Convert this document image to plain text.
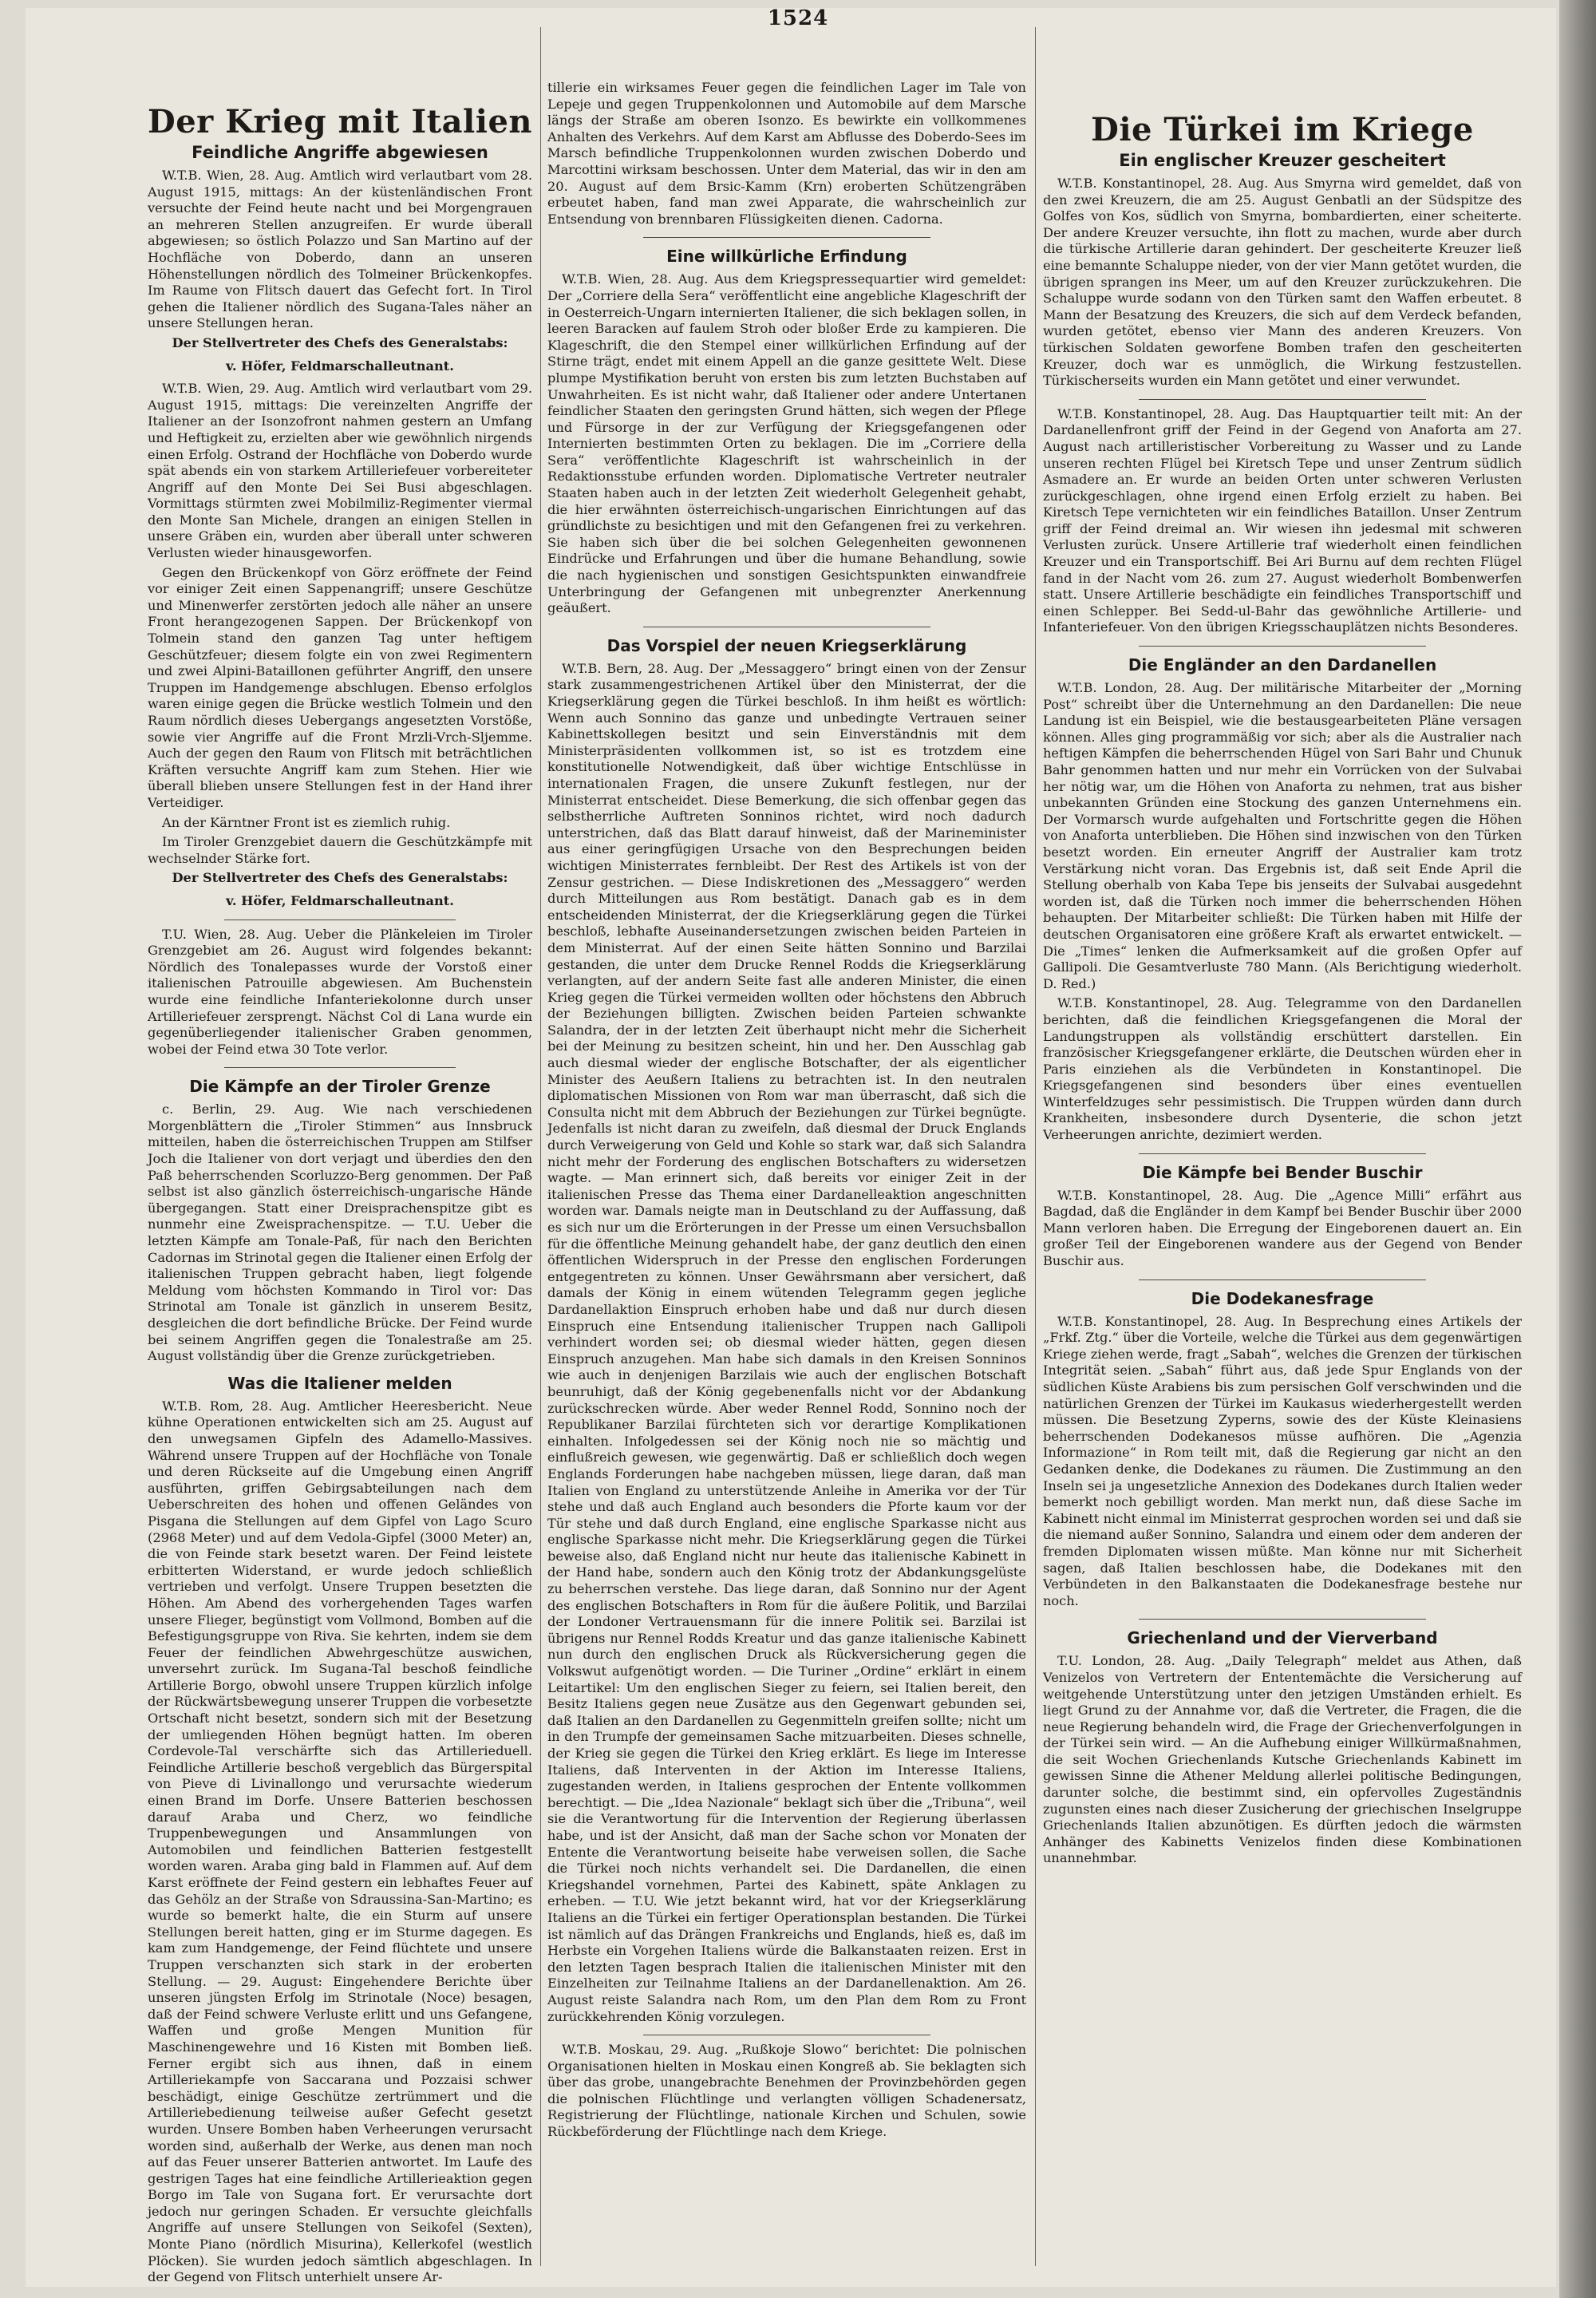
1524
Der Krieg mit Italien
Feindliche Angriffe abgewiesen

W.T.B. Wien, 28. Aug. Amtlich wird verlautbart vom 28. August 1915, mittags: An der küstenländischen Front versuchte der Feind heute nacht und bei Morgengrauen an mehreren Stellen anzugreifen. Er wurde überall abgewiesen; so östlich Polazzo und San Martino auf der Hochfläche von Doberdo, dann an unseren Höhenstellungen nördlich des Tolmeiner Brückenkopfes. Im Raume von Flitsch dauert das Gefecht fort. In Tirol gehen die Italiener nördlich des Sugana-Tales näher an unsere Stellungen heran.

Der Stellvertreter des Chefs des Generalstabs:

v. Höfer, Feldmarschalleutnant.

W.T.B. Wien, 29. Aug. Amtlich wird verlautbart vom 29. August 1915, mittags: Die vereinzelten Angriffe der Italiener an der Isonzofront nahmen gestern an Umfang und Heftigkeit zu, erzielten aber wie gewöhnlich nirgends einen Erfolg. Ostrand der Hochfläche von Doberdo wurde spät abends ein von starkem Artilleriefeuer vorbereiteter Angriff auf den Monte Dei Sei Busi abgeschlagen. Vormittags stürmten zwei Mobilmiliz-Regimenter viermal den Monte San Michele, drangen an einigen Stellen in unsere Gräben ein, wurden aber überall unter schweren Verlusten wieder hinausgeworfen.

Gegen den Brückenkopf von Görz eröffnete der Feind vor einiger Zeit einen Sappenangriff; unsere Geschütze und Minenwerfer zerstörten jedoch alle näher an unsere Front herangezogenen Sappen. Der Brückenkopf von Tolmein stand den ganzen Tag unter heftigem Geschützfeuer; diesem folgte ein von zwei Regimentern und zwei Alpini-Bataillonen geführter Angriff, den unsere Truppen im Handgemenge abschlugen. Ebenso erfolglos waren einige gegen die Brücke westlich Tolmein und den Raum nördlich dieses Uebergangs angesetzten Vorstöße, sowie vier Angriffe auf die Front Mrzli-Vrch-Sljemme. Auch der gegen den Raum von Flitsch mit beträchtlichen Kräften versuchte Angriff kam zum Stehen. Hier wie überall blieben unsere Stellungen fest in der Hand ihrer Verteidiger.

An der Kärntner Front ist es ziemlich ruhig.

Im Tiroler Grenzgebiet dauern die Geschützkämpfe mit wechselnder Stärke fort.

Der Stellvertreter des Chefs des Generalstabs:

v. Höfer, Feldmarschalleutnant.

T.U. Wien, 28. Aug. Ueber die Plänkeleien im Tiroler Grenzgebiet am 26. August wird folgendes bekannt: Nördlich des Tonalepasses wurde der Vorstoß einer italienischen Patrouille abgewiesen. Am Buchenstein wurde eine feindliche Infanteriekolonne durch unser Artilleriefeuer zersprengt. Nächst Col di Lana wurde ein gegenüberliegender italienischer Graben genommen, wobei der Feind etwa 30 Tote verlor.

Die Kämpfe an der Tiroler Grenze

c. Berlin, 29. Aug. Wie nach verschiedenen Morgenblättern die „Tiroler Stimmen“ aus Innsbruck mitteilen, haben die österreichischen Truppen am Stilfser Joch die Italiener von dort verjagt und überdies den den Paß beherrschenden Scorluzzo-Berg genommen. Der Paß selbst ist also gänzlich österreichisch-ungarische Hände übergegangen. Statt einer Dreisprachenspitze gibt es nunmehr eine Zweisprachenspitze. — T.U. Ueber die letzten Kämpfe am Tonale-Paß, für nach den Berichten Cadornas im Strinotal gegen die Italiener einen Erfolg der italienischen Truppen gebracht haben, liegt folgende Meldung vom höchsten Kommando in Tirol vor: Das Strinotal am Tonale ist gänzlich in unserem Besitz, desgleichen die dort befindliche Brücke. Der Feind wurde bei seinem Angriffen gegen die Tonalestraße am 25. August vollständig über die Grenze zurückgetrieben.

Was die Italiener melden

W.T.B. Rom, 28. Aug. Amtlicher Heeresbericht. Neue kühne Operationen entwickelten sich am 25. August auf den unwegsamen Gipfeln des Adamello-Massives. Während unsere Truppen auf der Hochfläche von Tonale und deren Rückseite auf die Umgebung einen Angriff ausführten, griffen Gebirgsabteilungen nach dem Ueberschreiten des hohen und offenen Geländes von Pisgana die Stellungen auf dem Gipfel von Lago Scuro (2968 Meter) und auf dem Vedola-Gipfel (3000 Meter) an, die von Feinde stark besetzt waren. Der Feind leistete erbitterten Widerstand, er wurde jedoch schließlich vertrieben und verfolgt. Unsere Truppen besetzten die Höhen. Am Abend des vorhergehenden Tages warfen unsere Flieger, begünstigt vom Vollmond, Bomben auf die Befestigungsgruppe von Riva. Sie kehrten, indem sie dem Feuer der feindlichen Abwehrgeschütze auswichen, unversehrt zurück. Im Sugana-Tal beschoß feindliche Artillerie Borgo, obwohl unsere Truppen kürzlich infolge der Rückwärtsbewegung unserer Truppen die vorbesetzte Ortschaft nicht besetzt, sondern sich mit der Besetzung der umliegenden Höhen begnügt hatten. Im oberen Cordevole-Tal verschärfte sich das Artillerieduell. Feindliche Artillerie beschoß vergeblich das Bürgerspital von Pieve di Livinallongo und verursachte wiederum einen Brand im Dorfe. Unsere Batterien beschossen darauf Araba und Cherz, wo feindliche Truppenbewegungen und Ansammlungen von Automobilen und feindlichen Batterien festgestellt worden waren. Araba ging bald in Flammen auf. Auf dem Karst eröffnete der Feind gestern ein lebhaftes Feuer auf das Gehölz an der Straße von Sdraussina-San-Martino; es wurde so bemerkt halte, die ein Sturm auf unsere Stellungen bereit hatten, ging er im Sturme dagegen. Es kam zum Handgemenge, der Feind flüchtete und unsere Truppen verschanzten sich stark in der eroberten Stellung. — 29. August: Eingehendere Berichte über unseren jüngsten Erfolg im Strinotale (Noce) besagen, daß der Feind schwere Verluste erlitt und uns Gefangene, Waffen und große Mengen Munition für Maschinengewehre und 16 Kisten mit Bomben ließ. Ferner ergibt sich aus ihnen, daß in einem Artilleriekampfe von Saccarana und Pozzaisi schwer beschädigt, einige Geschütze zertrümmert und die Artilleriebedienung teilweise außer Gefecht gesetzt wurden. Unsere Bomben haben Verheerungen verursacht worden sind, außerhalb der Werke, aus denen man noch auf das Feuer unserer Batterien antwortet. Im Laufe des gestrigen Tages hat eine feindliche Artillerieaktion gegen Borgo im Tale von Sugana fort. Er verursachte dort jedoch nur geringen Schaden. Er versuchte gleichfalls Angriffe auf unsere Stellungen von Seikofel (Sexten), Monte Piano (nördlich Misurina), Kellerkofel (westlich Plöcken). Sie wurden jedoch sämtlich abgeschlagen. In der Gegend von Flitsch unterhielt unsere Ar-

tillerie ein wirksames Feuer gegen die feindlichen Lager im Tale von Lepeje und gegen Truppenkolonnen und Automobile auf dem Marsche längs der Straße am oberen Isonzo. Es bewirkte ein vollkommenes Anhalten des Verkehrs. Auf dem Karst am Abflusse des Doberdo-Sees im Marsch befindliche Truppenkolonnen wurden zwischen Doberdo und Marcottini wirksam beschossen. Unter dem Material, das wir in den am 20. August auf dem Brsic-Kamm (Krn) eroberten Schützengräben erbeutet haben, fand man zwei Apparate, die wahrscheinlich zur Entsendung von brennbaren Flüssigkeiten dienen. Cadorna.

Eine willkürliche Erfindung

W.T.B. Wien, 28. Aug. Aus dem Kriegspressequartier wird gemeldet: Der „Corriere della Sera“ veröffentlicht eine angebliche Klageschrift der in Oesterreich-Ungarn internierten Italiener, die sich beklagen sollen, in leeren Baracken auf faulem Stroh oder bloßer Erde zu kampieren. Die Klageschrift, die den Stempel einer willkürlichen Erfindung auf der Stirne trägt, endet mit einem Appell an die ganze gesittete Welt. Diese plumpe Mystifikation beruht von ersten bis zum letzten Buchstaben auf Unwahrheiten. Es ist nicht wahr, daß Italiener oder andere Untertanen feindlicher Staaten den geringsten Grund hätten, sich wegen der Pflege und Fürsorge in der zur Verfügung der Kriegsgefangenen oder Internierten bestimmten Orten zu beklagen. Die im „Corriere della Sera“ veröffentlichte Klageschrift ist wahrscheinlich in der Redaktionsstube erfunden worden. Diplomatische Vertreter neutraler Staaten haben auch in der letzten Zeit wiederholt Gelegenheit gehabt, die hier erwähnten österreichisch-ungarischen Einrichtungen auf das gründlichste zu besichtigen und mit den Gefangenen frei zu verkehren. Sie haben sich über die bei solchen Gelegenheiten gewonnenen Eindrücke und Erfahrungen und über die humane Behandlung, sowie die nach hygienischen und sonstigen Gesichtspunkten einwandfreie Unterbringung der Gefangenen mit unbegrenzter Anerkennung geäußert.

Das Vorspiel der neuen Kriegserklärung

W.T.B. Bern, 28. Aug. Der „Messaggero“ bringt einen von der Zensur stark zusammengestrichenen Artikel über den Ministerrat, der die Kriegserklärung gegen die Türkei beschloß. In ihm heißt es wörtlich: Wenn auch Sonnino das ganze und unbedingte Vertrauen seiner Kabinettskollegen besitzt und sein Einverständnis mit dem Ministerpräsidenten vollkommen ist, so ist es trotzdem eine konstitutionelle Notwendigkeit, daß über wichtige Entschlüsse in internationalen Fragen, die unsere Zukunft festlegen, nur der Ministerrat entscheidet. Diese Bemerkung, die sich offenbar gegen das selbstherrliche Auftreten Sonninos richtet, wird noch dadurch unterstrichen, daß das Blatt darauf hinweist, daß der Marineminister aus einer geringfügigen Ursache von den Besprechungen beiden wichtigen Ministerrates fernbleibt. Der Rest des Artikels ist von der Zensur gestrichen. — Diese Indiskretionen des „Messaggero“ werden durch Mitteilungen aus Rom bestätigt. Danach gab es in dem entscheidenden Ministerrat, der die Kriegserklärung gegen die Türkei beschloß, lebhafte Auseinandersetzungen zwischen beiden Parteien in dem Ministerrat. Auf der einen Seite hätten Sonnino und Barzilai gestanden, die unter dem Drucke Rennel Rodds die Kriegserklärung verlangten, auf der andern Seite fast alle anderen Minister, die einen Krieg gegen die Türkei vermeiden wollten oder höchstens den Abbruch der Beziehungen billigten. Zwischen beiden Parteien schwankte Salandra, der in der letzten Zeit überhaupt nicht mehr die Sicherheit bei der Meinung zu besitzen scheint, hin und her. Den Ausschlag gab auch diesmal wieder der englische Botschafter, der als eigentlicher Minister des Aeußern Italiens zu betrachten ist. In den neutralen diplomatischen Missionen von Rom war man überrascht, daß sich die Consulta nicht mit dem Abbruch der Beziehungen zur Türkei begnügte. Jedenfalls ist nicht daran zu zweifeln, daß diesmal der Druck Englands durch Verweigerung von Geld und Kohle so stark war, daß sich Salandra nicht mehr der Forderung des englischen Botschafters zu widersetzen wagte. — Man erinnert sich, daß bereits vor einiger Zeit in der italienischen Presse das Thema einer Dardanelleaktion angeschnitten worden war. Damals neigte man in Deutschland zu der Auffassung, daß es sich nur um die Erörterungen in der Presse um einen Versuchsballon für die öffentliche Meinung gehandelt habe, der ganz deutlich den einen öffentlichen Widerspruch in der Presse den englischen Forderungen entgegentreten zu können. Unser Gewährsmann aber versichert, daß damals der König in einem wütenden Telegramm gegen jegliche Dardanellaktion Einspruch erhoben habe und daß nur durch diesen Einspruch eine Entsendung italienischer Truppen nach Gallipoli verhindert worden sei; ob diesmal wieder hätten, gegen diesen Einspruch anzugehen. Man habe sich damals in den Kreisen Sonninos wie auch in denjenigen Barzilais wie auch der englischen Botschaft beunruhigt, daß der König gegebenenfalls nicht vor der Abdankung zurückschrecken würde. Aber weder Rennel Rodd, Sonnino noch der Republikaner Barzilai fürchteten sich vor derartige Komplikationen einhalten. Infolgedessen sei der König noch nie so mächtig und einflußreich gewesen, wie gegenwärtig. Daß er schließlich doch wegen Englands Forderungen habe nachgeben müssen, liege daran, daß man Italien von England zu unterstützende Anleihe in Amerika vor der Tür stehe und daß auch England auch besonders die Pforte kaum vor der Tür stehe und daß durch England, eine englische Sparkasse nicht aus englische Sparkasse nicht mehr. Die Kriegserklärung gegen die Türkei beweise also, daß England nicht nur heute das italienische Kabinett in der Hand habe, sondern auch den König trotz der Abdankungsgelüste zu beherrschen verstehe. Das liege daran, daß Sonnino nur der Agent des englischen Botschafters in Rom für die äußere Politik, und Barzilai der Londoner Vertrauensmann für die innere Politik sei. Barzilai ist übrigens nur Rennel Rodds Kreatur und das ganze italienische Kabinett nun durch den englischen Druck als Rückversicherung gegen die Volkswut aufgenötigt worden. — Die Turiner „Ordine“ erklärt in einem Leitartikel: Um den englischen Sieger zu feiern, sei Italien bereit, den Besitz Italiens gegen neue Zusätze aus den Gegenwart gebunden sei, daß Italien an den Dardanellen zu Gegenmitteln greifen sollte; nicht um in den Trumpfe der gemeinsamen Sache mitzuarbeiten. Dieses schnelle, der Krieg sie gegen die Türkei den Krieg erklärt. Es liege im Interesse Italiens, daß Interventen in der Aktion im Interesse Italiens, zugestanden werden, in Italiens gesprochen der Entente vollkommen berechtigt. — Die „Idea Nazionale“ beklagt sich über die „Tribuna“, weil sie die Verantwortung für die Intervention der Regierung überlassen habe, und ist der Ansicht, daß man der Sache schon vor Monaten der Entente die Verantwortung beiseite habe verweisen sollen, die Sache die Türkei noch nichts verhandelt sei. Die Dardanellen, die einen Kriegshandel vornehmen, Partei des Kabinett, späte Anklagen zu erheben. — T.U. Wie jetzt bekannt wird, hat vor der Kriegserklärung Italiens an die Türkei ein fertiger Operationsplan bestanden. Die Türkei ist nämlich auf das Drängen Frankreichs und Englands, hieß es, daß im Herbste ein Vorgehen Italiens würde die Balkanstaaten reizen. Erst in den letzten Tagen besprach Italien die italienischen Minister mit den Einzelheiten zur Teilnahme Italiens an der Dardanellenaktion. Am 26. August reiste Salandra nach Rom, um den Plan dem Rom zu Front zurückkehrenden König vorzulegen.

W.T.B. Moskau, 29. Aug. „Rußkoje Slowo“ berichtet: Die polnischen Organisationen hielten in Moskau einen Kongreß ab. Sie beklagten sich über das grobe, unangebrachte Benehmen der Provinzbehörden gegen die polnischen Flüchtlinge und verlangten völligen Schadenersatz, Registrierung der Flüchtlinge, nationale Kirchen und Schulen, sowie Rückbeförderung der Flüchtlinge nach dem Kriege.

Die Türkei im Kriege
Ein englischer Kreuzer gescheitert

W.T.B. Konstantinopel, 28. Aug. Aus Smyrna wird gemeldet, daß von den zwei Kreuzern, die am 25. August Genbatli an der Südspitze des Golfes von Kos, südlich von Smyrna, bombardierten, einer scheiterte. Der andere Kreuzer versuchte, ihn flott zu machen, wurde aber durch die türkische Artillerie daran gehindert. Der gescheiterte Kreuzer ließ eine bemannte Schaluppe nieder, von der vier Mann getötet wurden, die übrigen sprangen ins Meer, um auf den Kreuzer zurückzukehren. Die Schaluppe wurde sodann von den Türken samt den Waffen erbeutet. 8 Mann der Besatzung des Kreuzers, die sich auf dem Verdeck befanden, wurden getötet, ebenso vier Mann des anderen Kreuzers. Von türkischen Soldaten geworfene Bomben trafen den gescheiterten Kreuzer, doch war es unmöglich, die Wirkung festzustellen. Türkischerseits wurden ein Mann getötet und einer verwundet.

W.T.B. Konstantinopel, 28. Aug. Das Hauptquartier teilt mit: An der Dardanellenfront griff der Feind in der Gegend von Anaforta am 27. August nach artilleristischer Vorbereitung zu Wasser und zu Lande unseren rechten Flügel bei Kiretsch Tepe und unser Zentrum südlich Asmadere an. Er wurde an beiden Orten unter schweren Verlusten zurückgeschlagen, ohne irgend einen Erfolg erzielt zu haben. Bei Kiretsch Tepe vernichteten wir ein feindliches Bataillon. Unser Zentrum griff der Feind dreimal an. Wir wiesen ihn jedesmal mit schweren Verlusten zurück. Unsere Artillerie traf wiederholt einen feindlichen Kreuzer und ein Transportschiff. Bei Ari Burnu auf dem rechten Flügel fand in der Nacht vom 26. zum 27. August wiederholt Bombenwerfen statt. Unsere Artillerie beschädigte ein feindliches Transportschiff und einen Schlepper. Bei Sedd-ul-Bahr das gewöhnliche Artillerie- und Infanteriefeuer. Von den übrigen Kriegsschauplätzen nichts Besonderes.

Die Engländer an den Dardanellen

W.T.B. London, 28. Aug. Der militärische Mitarbeiter der „Morning Post“ schreibt über die Unternehmung an den Dardanellen: Die neue Landung ist ein Beispiel, wie die bestausgearbeiteten Pläne versagen können. Alles ging programmäßig vor sich; aber als die Australier nach heftigen Kämpfen die beherrschenden Hügel von Sari Bahr und Chunuk Bahr genommen hatten und nur mehr ein Vorrücken von der Sulvabai her nötig war, um die Höhen von Anaforta zu nehmen, trat aus bisher unbekannten Gründen eine Stockung des ganzen Unternehmens ein. Der Vormarsch wurde aufgehalten und Fortschritte gegen die Höhen von Anaforta unterblieben. Die Höhen sind inzwischen von den Türken besetzt worden. Ein erneuter Angriff der Australier kam trotz Verstärkung nicht voran. Das Ergebnis ist, daß seit Ende April die Stellung oberhalb von Kaba Tepe bis jenseits der Sulvabai ausgedehnt worden ist, daß die Türken noch immer die beherrschenden Höhen behaupten. Der Mitarbeiter schließt: Die Türken haben mit Hilfe der deutschen Organisatoren eine größere Kraft als erwartet entwickelt. — Die „Times“ lenken die Aufmerksamkeit auf die großen Opfer auf Gallipoli. Die Gesamtverluste 780 Mann. (Als Berichtigung wiederholt. D. Red.)

W.T.B. Konstantinopel, 28. Aug. Telegramme von den Dardanellen berichten, daß die feindlichen Kriegsgefangenen die Moral der Landungstruppen als vollständig erschüttert darstellen. Ein französischer Kriegsgefangener erklärte, die Deutschen würden eher in Paris einziehen als die Verbündeten in Konstantinopel. Die Kriegsgefangenen sind besonders über eines eventuellen Winterfeldzuges sehr pessimistisch. Die Truppen würden dann durch Krankheiten, insbesondere durch Dysenterie, die schon jetzt Verheerungen anrichte, dezimiert werden.

Die Kämpfe bei Bender Buschir

W.T.B. Konstantinopel, 28. Aug. Die „Agence Milli“ erfährt aus Bagdad, daß die Engländer in dem Kampf bei Bender Buschir über 2000 Mann verloren haben. Die Erregung der Eingeborenen dauert an. Ein großer Teil der Eingeborenen wandere aus der Gegend von Bender Buschir aus.

Die Dodekanesfrage

W.T.B. Konstantinopel, 28. Aug. In Besprechung eines Artikels der „Frkf. Ztg.“ über die Vorteile, welche die Türkei aus dem gegenwärtigen Kriege ziehen werde, fragt „Sabah“, welches die Grenzen der türkischen Integrität seien. „Sabah“ führt aus, daß jede Spur Englands von der südlichen Küste Arabiens bis zum persischen Golf verschwinden und die natürlichen Grenzen der Türkei im Kaukasus wiederhergestellt werden müssen. Die Besetzung Zyperns, sowie des der Küste Kleinasiens beherrschenden Dodekanesos müsse aufhören. Die „Agenzia Informazione“ in Rom teilt mit, daß die Regierung gar nicht an den Gedanken denke, die Dodekanes zu räumen. Die Zustimmung an den Inseln sei ja ungesetzliche Annexion des Dodekanes durch Italien weder bemerkt noch gebilligt worden. Man merkt nun, daß diese Sache im Kabinett nicht einmal im Ministerrat gesprochen worden sei und daß sie die niemand außer Sonnino, Salandra und einem oder dem anderen der fremden Diplomaten wissen müßte. Man könne nur mit Sicherheit sagen, daß Italien beschlossen habe, die Dodekanes mit den Verbündeten in den Balkanstaaten die Dodekanesfrage bestehe nur noch.

Griechenland und der Vierverband

T.U. London, 28. Aug. „Daily Telegraph“ meldet aus Athen, daß Venizelos von Vertretern der Ententemächte die Versicherung auf weitgehende Unterstützung unter den jetzigen Umständen erhielt. Es liegt Grund zu der Annahme vor, daß die Vertreter, die Fragen, die die neue Regierung behandeln wird, die Frage der Griechenverfolgungen in der Türkei sein wird. — An die Aufhebung einiger Willkürmaßnahmen, die seit Wochen Griechenlands Kutsche Griechenlands Kabinett im gewissen Sinne die Athener Meldung allerlei politische Bedingungen, darunter solche, die bestimmt sind, ein opfervolles Zugeständnis zugunsten eines nach dieser Zusicherung der griechischen Inselgruppe Griechenlands Italien abzunötigen. Es dürften jedoch die wärmsten Anhänger des Kabinetts Venizelos finden diese Kombinationen unannehmbar.
